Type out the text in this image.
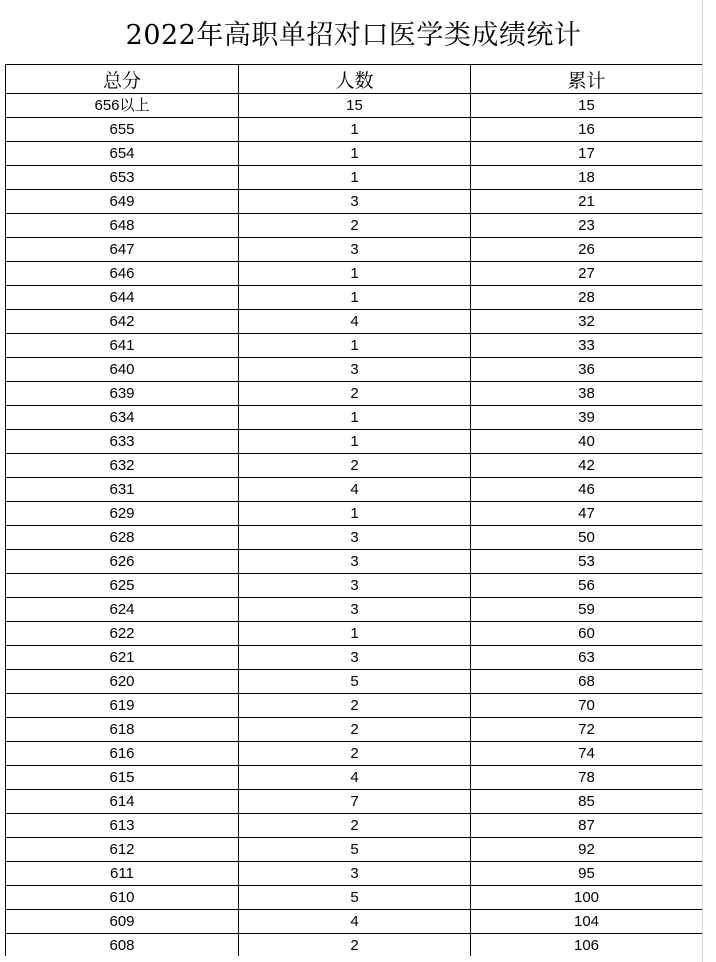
2022年高职单招对口医学类成绩统计
总分	人数	累计
656以上	15	15
655	1	16
654	1	17
653	1	18
649	3	21
648	2	23
647	3	26
646	1	27
644	1	28
642	4	32
641	1	33
640	3	36
639	2	38
634	1	39
633	1	40
632	2	42
631	4	46
629	1	47
628	3	50
626	3	53
625	3	56
624	3	59
622	1	60
621	3	63
620	5	68
619	2	70
618	2	72
616	2	74
615	4	78
614	7	85
613	2	87
612	5	92
611	3	95
610	5	100
609	4	104
608	2	106
